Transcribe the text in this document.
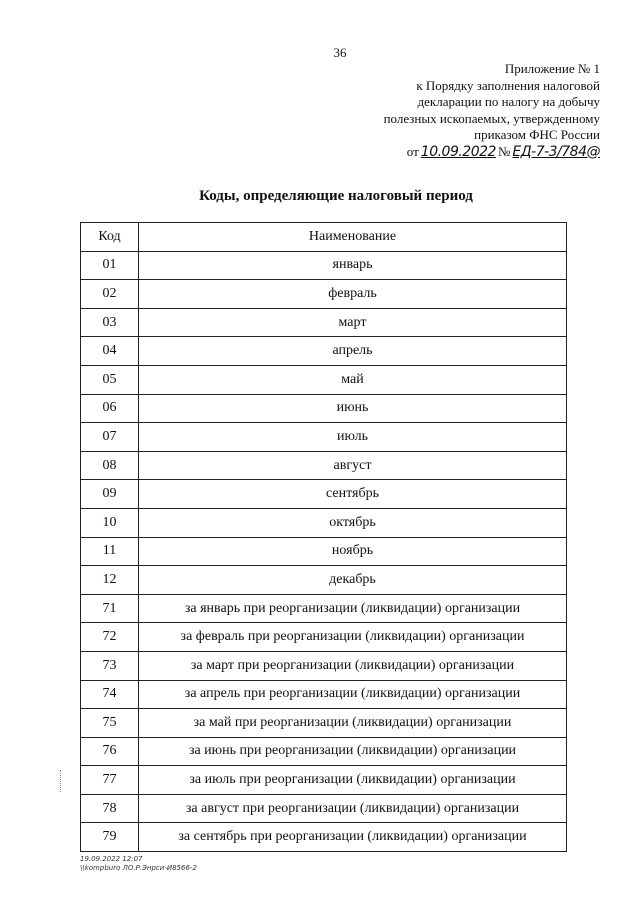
36
Приложение № 1
к Порядку заполнения налоговой
декларации по налогу на добычу
полезных ископаемых, утвержденному
приказом ФНС России
от 10.09.2022 № ЕД-7-3/784@
Коды, определяющие налоговый период
Код	Наименование
01	январь
02	февраль
03	март
04	апрель
05	май
06	июнь
07	июль
08	август
09	сентябрь
10	октябрь
11	ноябрь
12	декабрь
71	за январь при реорганизации (ликвидации) организации
72	за февраль при реорганизации (ликвидации) организации
73	за март при реорганизации (ликвидации) организации
74	за апрель при реорганизации (ликвидации) организации
75	за май при реорганизации (ликвидации) организации
76	за июнь при реорганизации (ликвидации) организации
77	за июль при реорганизации (ликвидации) организации
78	за август при реорганизации (ликвидации) организации
79	за сентябрь при реорганизации (ликвидации) организации
19.09.2022 12:07
\\kompburo ЛО.Р.Энрси-И8566-2
